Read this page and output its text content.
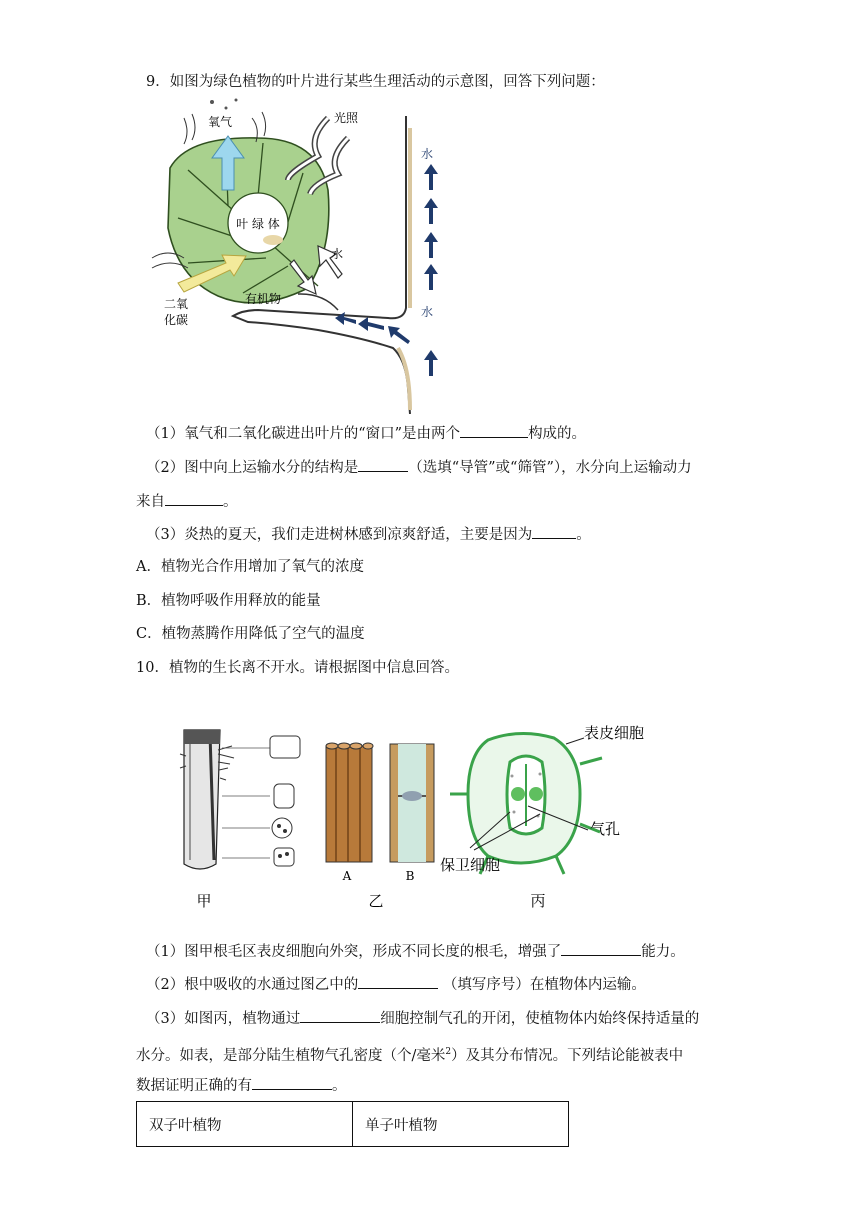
9．如图为绿色植物的叶片进行某些生理活动的示意图，回答下列问题：
叶 绿 体
氧气	光照
水
有机物
二氧
化碳
水
水
（1）氧气和二氧化碳进出叶片的“窗口”是由两个	构成的。
（2）图中向上运输水分的结构是	（选填“导管”或“筛管”），水分向上运输动力
来自	。
（3）炎热的夏天，我们走进树林感到凉爽舒适，主要是因为	。
A．植物光合作用增加了氧气的浓度
B．植物呼吸作用释放的能量
C．植物蒸腾作用降低了空气的温度
10．植物的生长离不开水。请根据图中信息回答。
甲
A	B
乙
表皮细胞
气孔
保卫细胞
丙
（1）图甲根毛区表皮细胞向外突，形成不同长度的根毛，增强了	能力。
（2）根中吸收的水通过图乙中的	（填写序号）在植物体内运输。
（3）如图丙，植物通过	细胞控制气孔的开闭，使植物体内始终保持适量的
水分。如表，是部分陆生植物气孔密度（个/毫米$^2$）及其分布情况。下列结论能被表中
数据证明正确的有	。
双子叶植物	单子叶植物
